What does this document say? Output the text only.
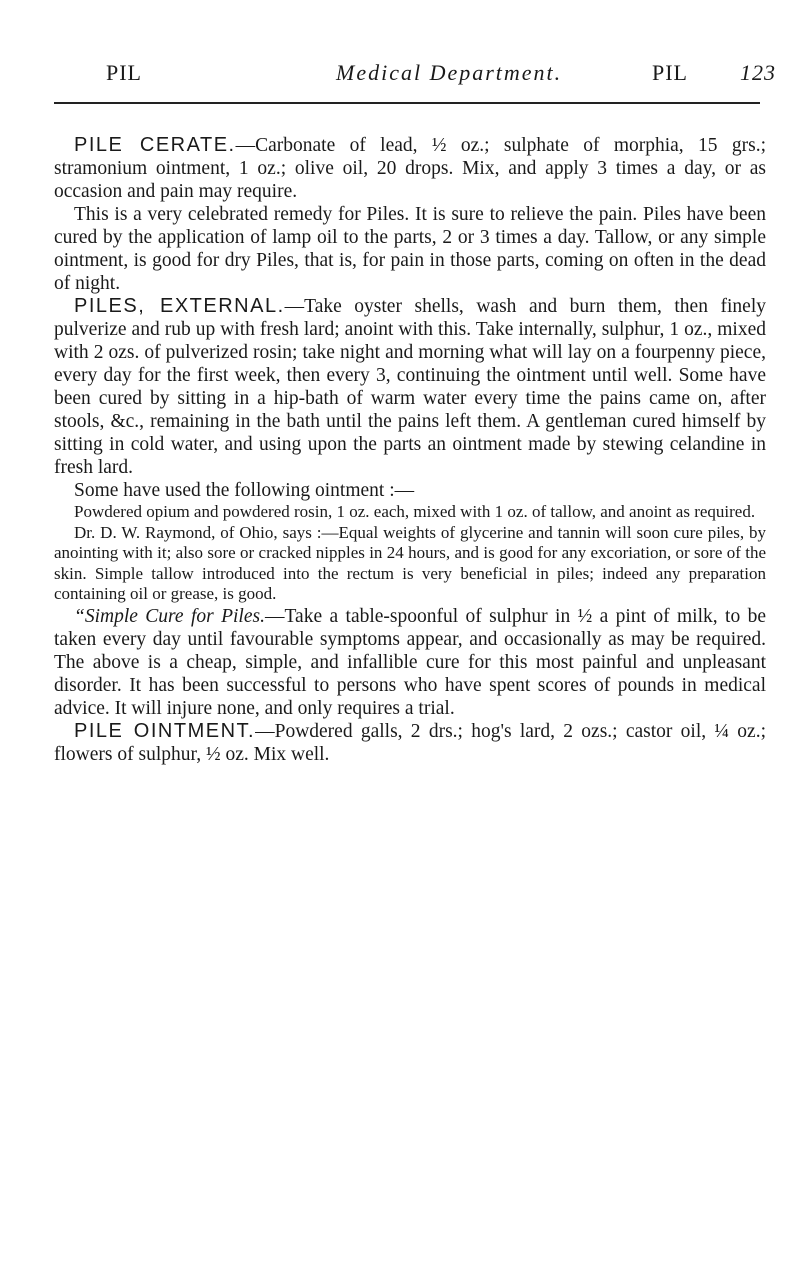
PIL	Medical Department.	PIL 123

PILE CERATE.—Carbonate of lead, ½ oz.; sulphate of morphia, 15 grs.; stramonium ointment, 1 oz.; olive oil, 20 drops. Mix, and apply 3 times a day, or as occasion and pain may require.

This is a very celebrated remedy for Piles. It is sure to relieve the pain. Piles have been cured by the application of lamp oil to the parts, 2 or 3 times a day. Tallow, or any simple ointment, is good for dry Piles, that is, for pain in those parts, coming on often in the dead of night.

PILES, EXTERNAL.—Take oyster shells, wash and burn them, then finely pulverize and rub up with fresh lard; anoint with this. Take internally, sulphur, 1 oz., mixed with 2 ozs. of pulverized rosin; take night and morning what will lay on a fourpenny piece, every day for the first week, then every 3, continuing the ointment until well. Some have been cured by sitting in a hip-bath of warm water every time the pains came on, after stools, &c., remaining in the bath until the pains left them. A gentleman cured himself by sitting in cold water, and using upon the parts an ointment made by stewing celandine in fresh lard.

Some have used the following ointment :—

Powdered opium and powdered rosin, 1 oz. each, mixed with 1 oz. of tallow, and anoint as required.

Dr. D. W. Raymond, of Ohio, says :—Equal weights of glycerine and tannin will soon cure piles, by anointing with it; also sore or cracked nipples in 24 hours, and is good for any excoriation, or sore of the skin. Simple tallow introduced into the rectum is very beneficial in piles; indeed any preparation containing oil or grease, is good.

“Simple Cure for Piles.—Take a table-spoonful of sulphur in ½ a pint of milk, to be taken every day until favourable symptoms appear, and occasionally as may be required. The above is a cheap, simple, and infallible cure for this most painful and unpleasant disorder. It has been successful to persons who have spent scores of pounds in medical advice. It will injure none, and only requires a trial.

PILE OINTMENT.—Powdered galls, 2 drs.; hog's lard, 2 ozs.; castor oil, ¼ oz.; flowers of sulphur, ½ oz. Mix well.
